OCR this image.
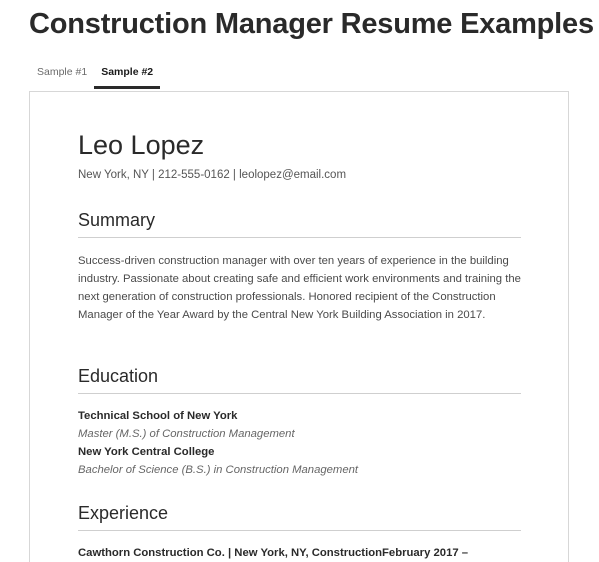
Construction Manager Resume Examples
Sample #1	Sample #2
Leo Lopez
New York, NY | 212-555-0162 | leolopez@email.com
Summary

Success-driven construction manager with over ten years of experience in the building industry. Passionate about creating safe and efficient work environments and training the next generation of construction professionals. Honored recipient of the Construction Manager of the Year Award by the Central New York Building Association in 2017.

Education
Technical School of New York
Master (M.S.) of Construction Management
New York Central College
Bachelor of Science (B.S.) in Construction Management
Experience
Cawthorn Construction Co. | New York, NY, Construction February 2017 –
